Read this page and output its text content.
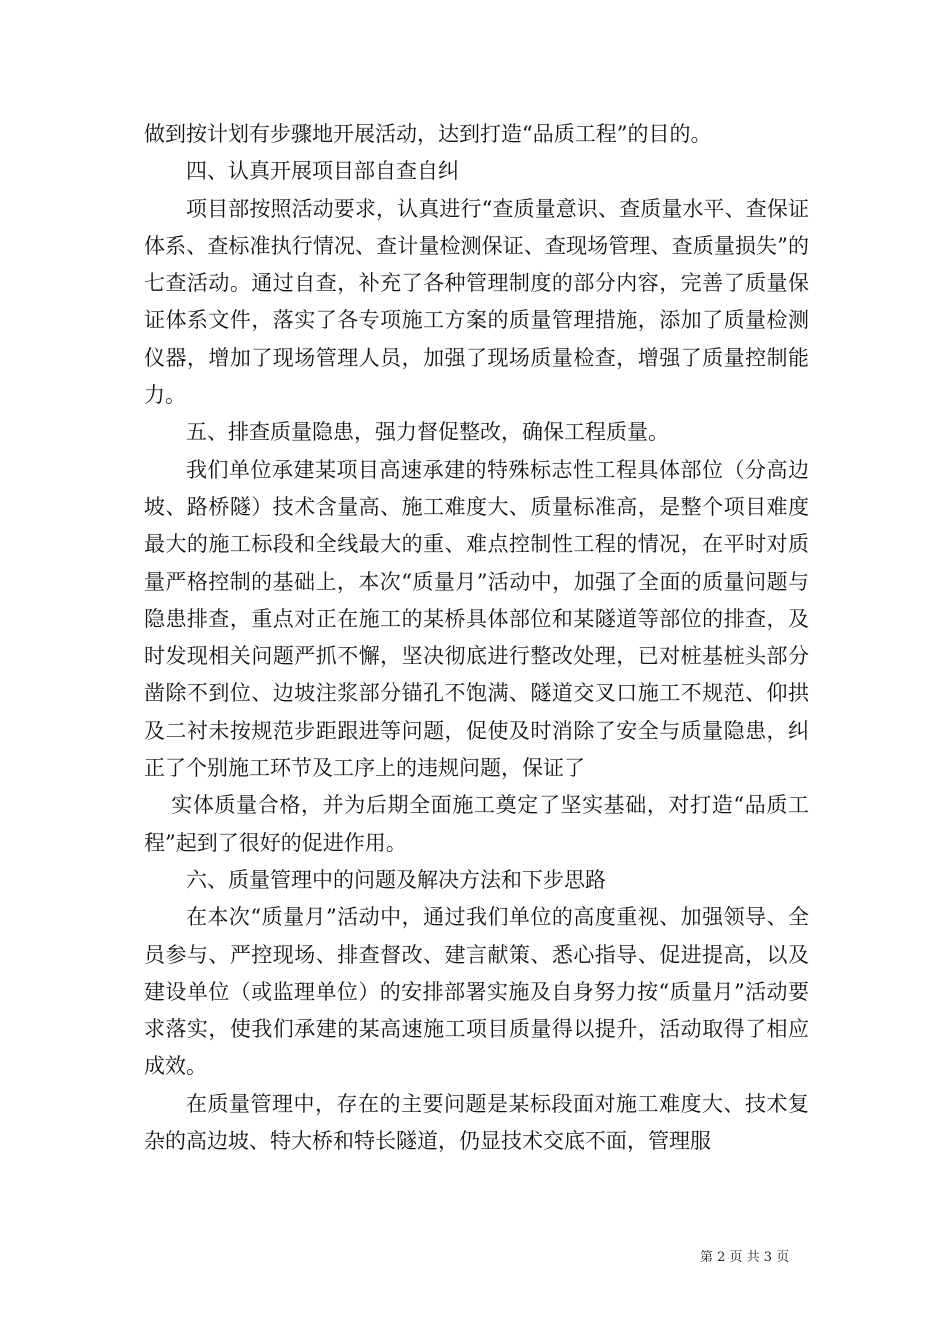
做到按计划有步骤地开展活动，达到打造“品质工程”的目的。

四、认真开展项目部自查自纠

项目部按照活动要求，认真进行“查质量意识、查质量水平、查保证体系、查标准执行情况、查计量检测保证、查现场管理、查质量损失”的七查活动。通过自查，补充了各种管理制度的部分内容，完善了质量保证体系文件，落实了各专项施工方案的质量管理措施，添加了质量检测仪器，增加了现场管理人员，加强了现场质量检查，增强了质量控制能力。

五、排查质量隐患，强力督促整改，确保工程质量。

我们单位承建某项目高速承建的特殊标志性工程具体部位（分高边坡、路桥隧）技术含量高、施工难度大、质量标准高，是整个项目难度最大的施工标段和全线最大的重、难点控制性工程的情况，在平时对质量严格控制的基础上，本次“质量月”活动中，加强了全面的质量问题与隐患排查，重点对正在施工的某桥具体部位和某隧道等部位的排查，及时发现相关问题严抓不懈，坚决彻底进行整改处理，已对桩基桩头部分凿除不到位、边坡注浆部分锚孔不饱满、隧道交叉口施工不规范、仰拱及二衬未按规范步距跟进等问题，促使及时消除了安全与质量隐患，纠正了个别施工环节及工序上的违规问题，保证了

实体质量合格，并为后期全面施工奠定了坚实基础，对打造“品质工程”起到了很好的促进作用。

六、质量管理中的问题及解决方法和下步思路

在本次“质量月”活动中，通过我们单位的高度重视、加强领导、全员参与、严控现场、排查督改、建言献策、悉心指导、促进提高，以及建设单位（或监理单位）的安排部署实施及自身努力按“质量月”活动要求落实，使我们承建的某高速施工项目质量得以提升，活动取得了相应成效。

在质量管理中，存在的主要问题是某标段面对施工难度大、技术复杂的高边坡、特大桥和特长隧道，仍显技术交底不面，管理服

第 2 页 共 3 页
